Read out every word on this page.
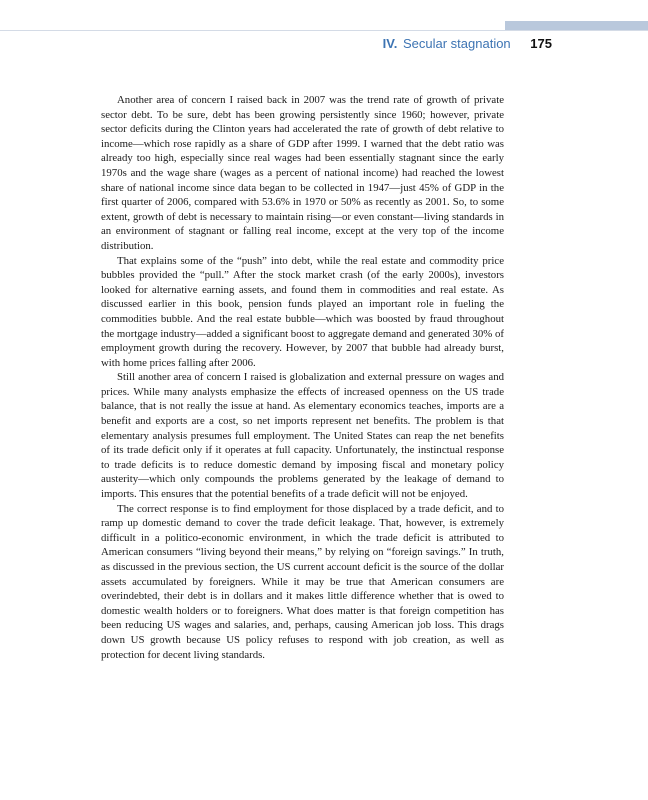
IV. Secular stagnation 175

Another area of concern I raised back in 2007 was the trend rate of growth of private sector debt. To be sure, debt has been growing persistently since 1960; however, private sector deficits during the Clinton years had accelerated the rate of growth of debt relative to income—which rose rapidly as a share of GDP after 1999. I warned that the debt ratio was already too high, especially since real wages had been essentially stagnant since the early 1970s and the wage share (wages as a percent of national income) had reached the lowest share of national income since data began to be collected in 1947—just 45% of GDP in the first quarter of 2006, compared with 53.6% in 1970 or 50% as recently as 2001. So, to some extent, growth of debt is necessary to maintain rising—or even constant—living standards in an environment of stagnant or falling real income, except at the very top of the income distribution.

That explains some of the “push” into debt, while the real estate and commodity price bubbles provided the “pull.” After the stock market crash (of the early 2000s), investors looked for alternative earning assets, and found them in commodities and real estate. As discussed earlier in this book, pension funds played an important role in fueling the commodities bubble. And the real estate bubble—which was boosted by fraud throughout the mortgage industry—added a significant boost to aggregate demand and generated 30% of employment growth during the recovery. However, by 2007 that bubble had already burst, with home prices falling after 2006.

Still another area of concern I raised is globalization and external pressure on wages and prices. While many analysts emphasize the effects of increased openness on the US trade balance, that is not really the issue at hand. As elementary economics teaches, imports are a benefit and exports are a cost, so net imports represent net benefits. The problem is that elementary analysis presumes full employment. The United States can reap the net benefits of its trade deficit only if it operates at full capacity. Unfortunately, the instinctual response to trade deficits is to reduce domestic demand by imposing fiscal and monetary policy austerity—which only compounds the problems generated by the leakage of demand to imports. This ensures that the potential benefits of a trade deficit will not be enjoyed.

The correct response is to find employment for those displaced by a trade deficit, and to ramp up domestic demand to cover the trade deficit leakage. That, however, is extremely difficult in a politico-economic environment, in which the trade deficit is attributed to American consumers “living beyond their means,” by relying on “foreign savings.” In truth, as discussed in the previous section, the US current account deficit is the source of the dollar assets accumulated by foreigners. While it may be true that American consumers are overindebted, their debt is in dollars and it makes little difference whether that is owed to domestic wealth holders or to foreigners. What does matter is that foreign competition has been reducing US wages and salaries, and, perhaps, causing American job loss. This drags down US growth because US policy refuses to respond with job creation, as well as protection for decent living standards.
